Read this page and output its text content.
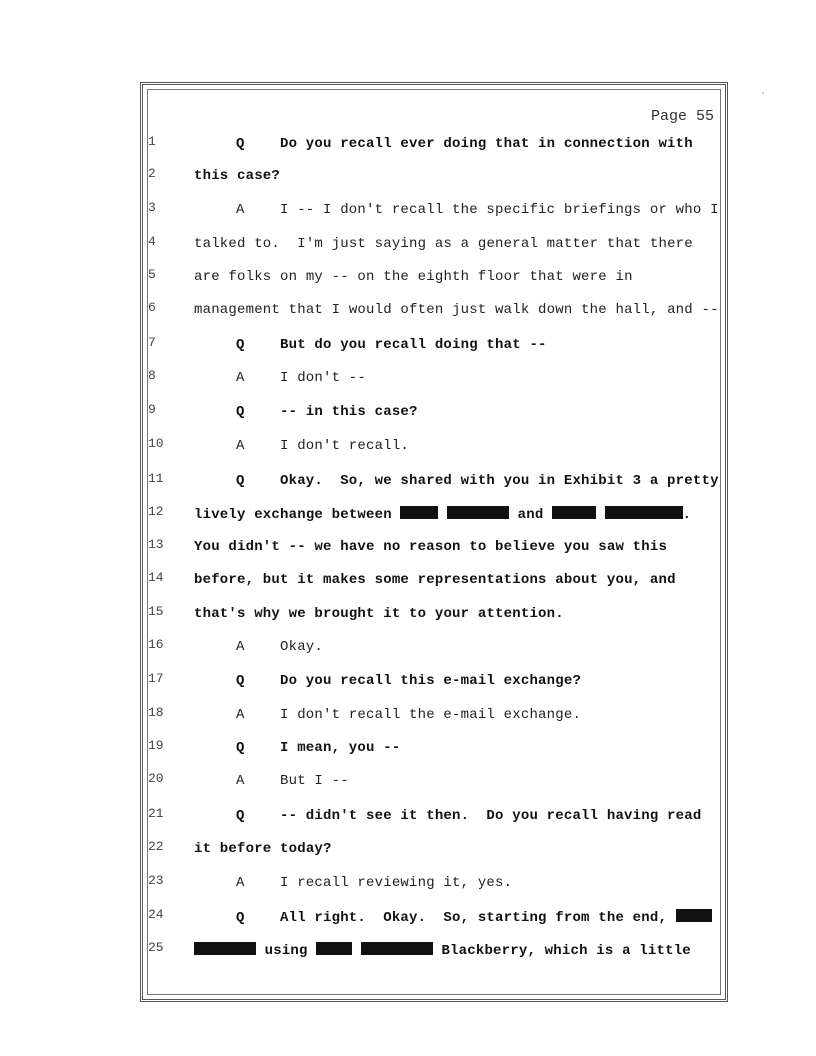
Page 55
1	Q	Do you recall ever doing that in connection with
2	this case?
3	A	I -- I don't recall the specific briefings or who I
4	talked to.  I'm just saying as a general matter that there
5	are folks on my -- on the eighth floor that were in
6	management that I would often just walk down the hall, and --
7	Q	But do you recall doing that --
8	A	I don't --
9	Q	-- in this case?
10	A	I don't recall.
11	Q	Okay.  So, we shared with you in Exhibit 3 a pretty
12	lively exchange between	and	.
13	You didn't -- we have no reason to believe you saw this
14	before, but it makes some representations about you, and
15	that's why we brought it to your attention.
16	A	Okay.
17	Q	Do you recall this e-mail exchange?
18	A	I don't recall the e-mail exchange.
19	Q	I mean, you --
20	A	But I --
21	Q	-- didn't see it then.  Do you recall having read
22	it before today?
23	A	I recall reviewing it, yes.
24	Q	All right.  Okay.  So, starting from the end,
25	using	Blackberry, which is a little
